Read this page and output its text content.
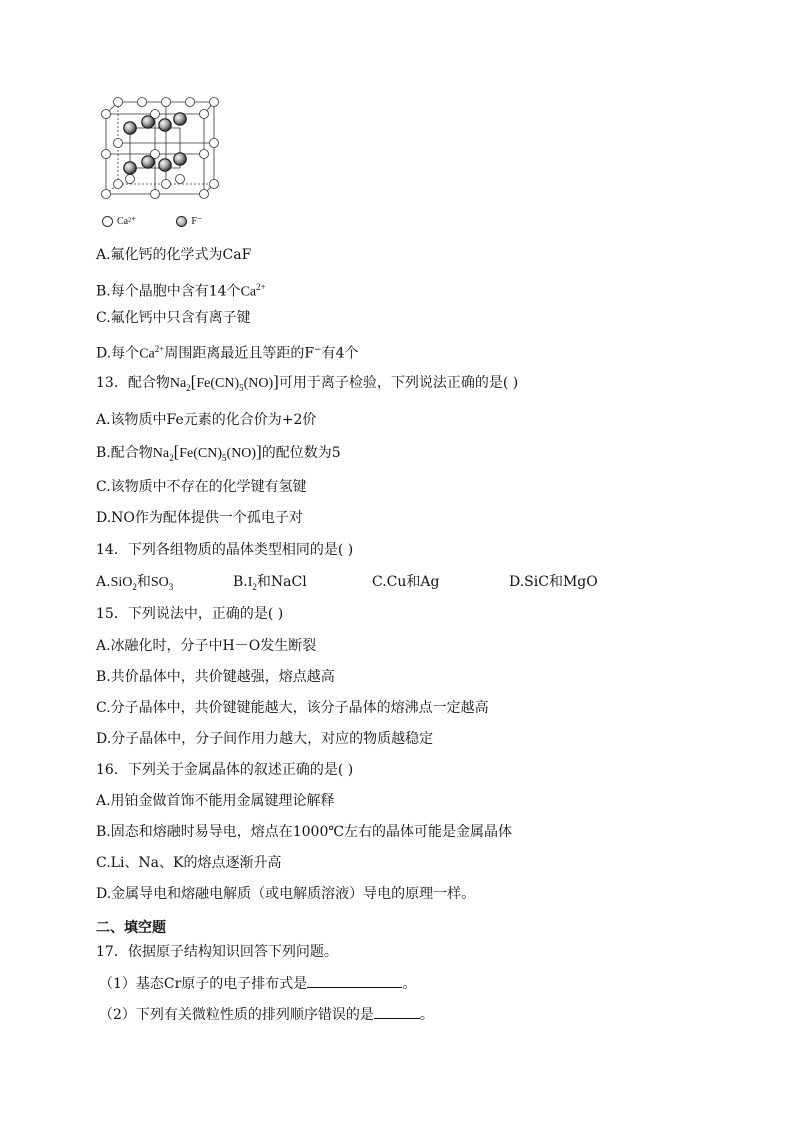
Ca²⁺	F⁻
A.氟化钙的化学式为CaF
B.每个晶胞中含有14个$Ca^{2+}$
C.氟化钙中只含有离子键
D.每个$Ca^{2+}$周围距离最近且等距的F−有4个
13．配合物$Na_2[Fe(CN)_5(NO)]$可用于离子检验，下列说法正确的是( )
A.该物质中Fe元素的化合价为+2价
B.配合物$Na_2[Fe(CN)_5(NO)]$的配位数为5
C.该物质中不存在的化学键有氢键
D.NO作为配体提供一个孤电子对
14．下列各组物质的晶体类型相同的是( )
A.SiO$_2$和$SO_3$	$B.I_2$和NaCl	C.Cu和Ag	D.SiC和MgO
15．下列说法中，正确的是( )
A.冰融化时，分子中H－O发生断裂
B.共价晶体中，共价键越强，熔点越高
C.分子晶体中，共价键键能越大，该分子晶体的熔沸点一定越高
D.分子晶体中，分子间作用力越大，对应的物质越稳定
16．下列关于金属晶体的叙述正确的是( )
A.用铂金做首饰不能用金属键理论解释
B.固态和熔融时易导电，熔点在1000℃左右的晶体可能是金属晶体
C.Li、Na、K的熔点逐渐升高
D.金属导电和熔融电解质（或电解质溶液）导电的原理一样。
二、填空题
17．依据原子结构知识回答下列问题。
（1）基态Cr原子的电子排布式是	。
（2）下列有关微粒性质的排列顺序错误的是	。
